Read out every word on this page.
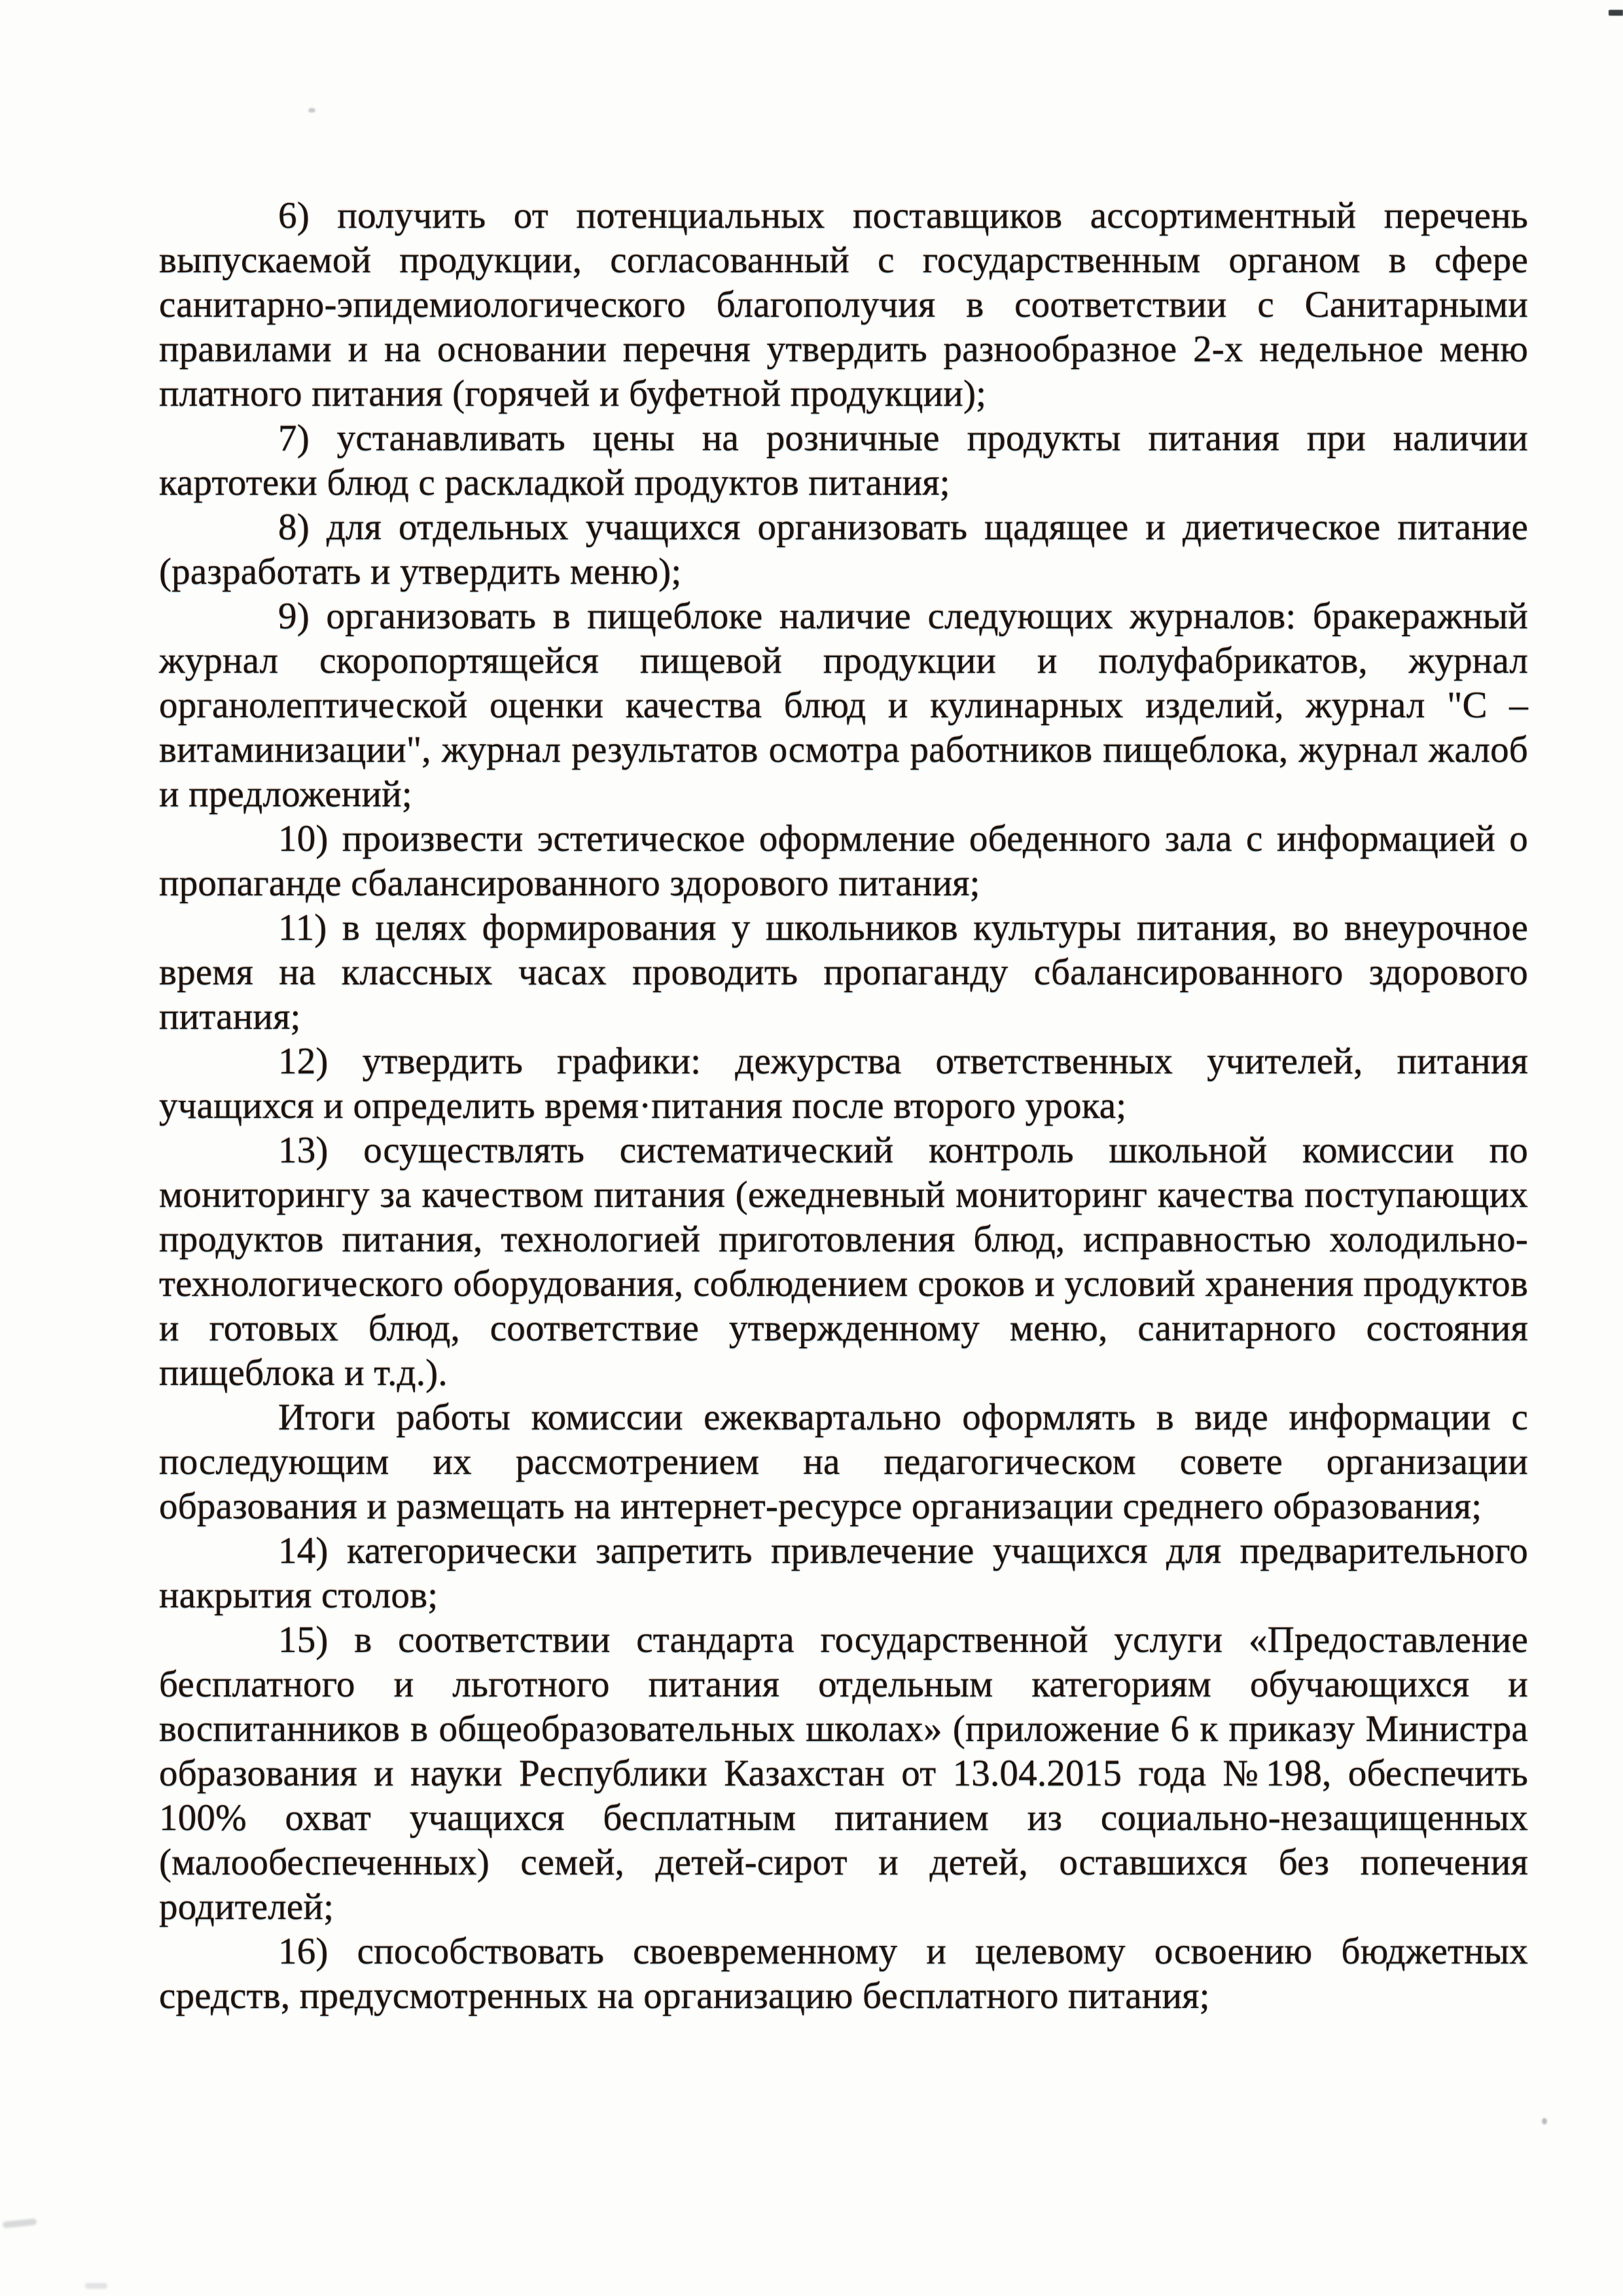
6) получить от потенциальных поставщиков ассортиментный перечень выпускаемой продукции, согласованный с государственным органом в сфере санитарно-эпидемиологического благополучия в соответствии с Санитарными правилами и на основании перечня утвердить разнообразное 2-х недельное меню платного питания (горячей и буфетной продукции);

7) устанавливать цены на розничные продукты питания при наличии картотеки блюд с раскладкой продуктов питания;

8) для отдельных учащихся организовать щадящее и диетическое питание (разработать и утвердить меню);

9) организовать в пищеблоке наличие следующих журналов: бракеражный журнал скоропортящейся пищевой продукции и полуфабрикатов, журнал органолептической оценки качества блюд и кулинарных изделий, журнал "С – витаминизации", журнал результатов осмотра работников пищеблока, журнал жалоб и предложений;

10) произвести эстетическое оформление обеденного зала с информацией о пропаганде сбалансированного здорового питания;

11) в целях формирования у школьников культуры питания, во внеурочное время на классных часах проводить пропаганду сбалансированного здорового питания;

12) утвердить графики: дежурства ответственных учителей, питания учащихся и определить время·питания после второго урока;

13) осуществлять систематический контроль школьной комиссии по мониторингу за качеством питания (ежедневный мониторинг качества поступающих продуктов питания, технологией приготовления блюд, исправностью холодильно-технологического оборудования, соблюдением сроков и условий хранения продуктов и готовых блюд, соответствие утвержденному меню, санитарного состояния пищеблока и т.д.).

Итоги работы комиссии ежеквартально оформлять в виде информации с последующим их рассмотрением на педагогическом совете организации образования и размещать на интернет-ресурсе организации среднего образования;

14) категорически запретить привлечение учащихся для предварительного накрытия столов;

15) в соответствии стандарта государственной услуги «Предоставление бесплатного и льготного питания отдельным категориям обучающихся и воспитанников в общеобразовательных школах» (приложение 6 к приказу Министра образования и науки Республики Казахстан от 13.04.2015 года №198, обеспечить 100% охват учащихся бесплатным питанием из социально-незащищенных (малообеспеченных) семей, детей-сирот и детей, оставшихся без попечения родителей;

16) способствовать своевременному и целевому освоению бюджетных средств, предусмотренных на организацию бесплатного питания;
